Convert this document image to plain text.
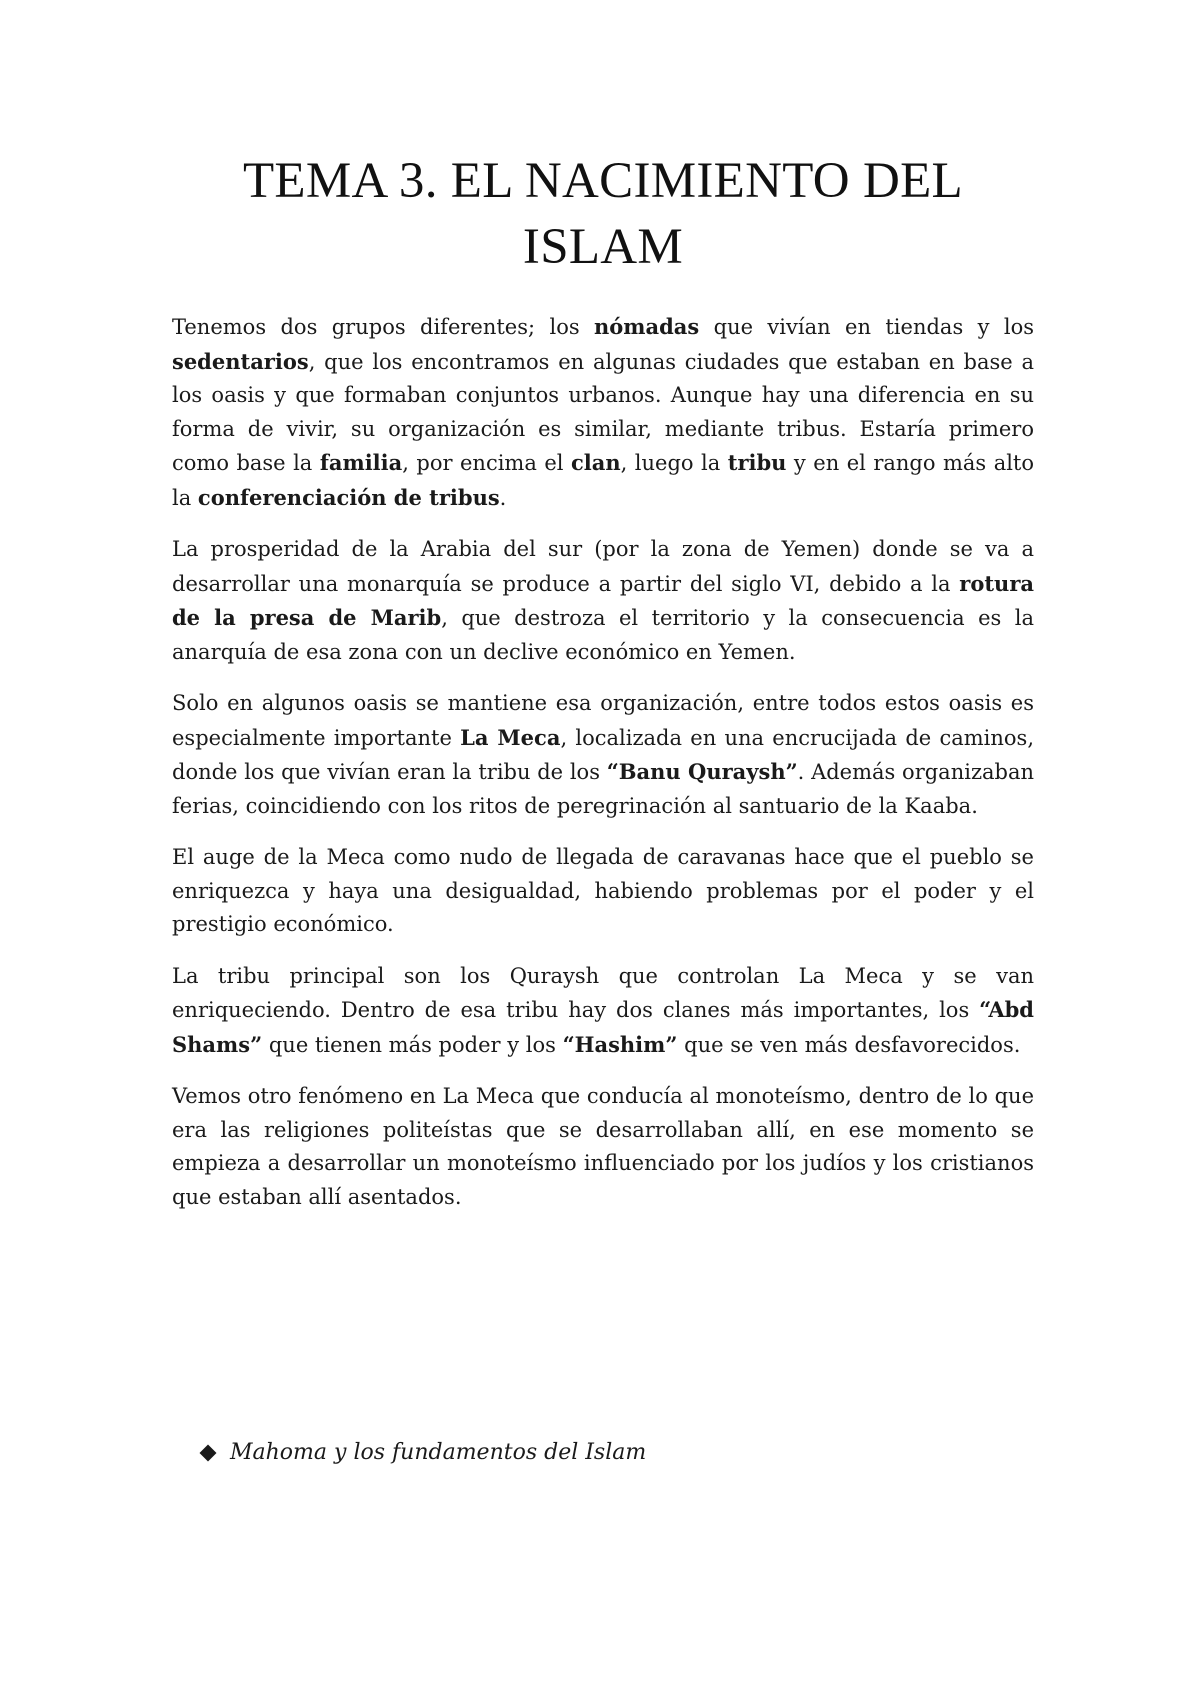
TEMA 3. EL NACIMIENTO DEL
ISLAM

Tenemos dos grupos diferentes; los nómadas que vivían en tiendas y los sedentarios, que los encontramos en algunas ciudades que estaban en base a los oasis y que formaban conjuntos urbanos. Aunque hay una diferencia en su forma de vivir, su organización es similar, mediante tribus. Estaría primero como base la familia, por encima el clan, luego la tribu y en el rango más alto la conferenciación de tribus.

La prosperidad de la Arabia del sur (por la zona de Yemen) donde se va a desarrollar una monarquía se produce a partir del siglo VI, debido a la rotura de la presa de Marib, que destroza el territorio y la consecuencia es la anarquía de esa zona con un declive económico en Yemen.

Solo en algunos oasis se mantiene esa organización, entre todos estos oasis es especialmente importante La Meca, localizada en una encrucijada de caminos, donde los que vivían eran la tribu de los “Banu Quraysh”. Además organizaban ferias, coincidiendo con los ritos de peregrinación al santuario de la Kaaba.

El auge de la Meca como nudo de llegada de caravanas hace que el pueblo se enriquezca y haya una desigualdad, habiendo problemas por el poder y el prestigio económico.

La tribu principal son los Quraysh que controlan La Meca y se van enriqueciendo. Dentro de esa tribu hay dos clanes más importantes, los “Abd Shams” que tienen más poder y los “Hashim” que se ven más desfavorecidos.

Vemos otro fenómeno en La Meca que conducía al monoteísmo, dentro de lo que era las religiones politeístas que se desarrollaban allí, en ese momento se empieza a desarrollar un monoteísmo influenciado por los judíos y los cristianos que estaban allí asentados.

Mahoma y los fundamentos del Islam
